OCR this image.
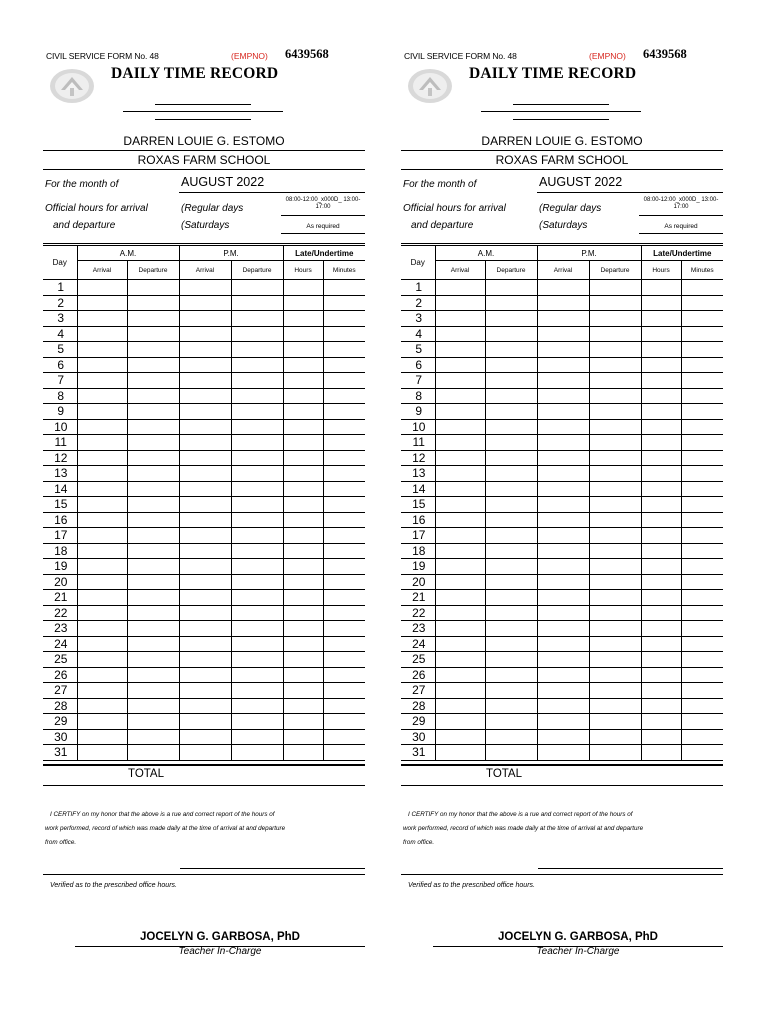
CIVIL SERVICE FORM No. 48	(EMPNO) 6439568
DAILY TIME RECORD
DARREN LOUIE G. ESTOMO
ROXAS FARM SCHOOL
For the month of	AUGUST 2022
Official hours for arrival
and departure
(Regular days
(Saturdays
08:00-12:00_x000D_ 13:00-17:00
As required
Day	A.M.		P.M.		Late/Undertime	
	Arrival	Departure	Arrival	Departure	Hours	Minutes
1						
2						
3						
4						
5						
6						
7						
8						
9						
10						
11						
12						
13						
14						
15						
16						
17						
18						
19						
20						
21						
22						
23						
24						
25						
26						
27						
28						
29						
30						
31						
TOTAL
I CERTIFY on my honor that the above is a rue and correct report of the hours of
work performed, record of which was made daily at the time of arrival at and departure
from office.
Verified as to the prescribed office hours.
JOCELYN G. GARBOSA, PhD
Teacher In-Charge
CIVIL SERVICE FORM No. 48	(EMPNO) 6439568
DAILY TIME RECORD
DARREN LOUIE G. ESTOMO
ROXAS FARM SCHOOL
For the month of	AUGUST 2022
Official hours for arrival
and departure
(Regular days
(Saturdays
08:00-12:00_x000D_ 13:00-17:00
As required
Day	A.M.		P.M.		Late/Undertime	
	Arrival	Departure	Arrival	Departure	Hours	Minutes
1						
2						
3						
4						
5						
6						
7						
8						
9						
10						
11						
12						
13						
14						
15						
16						
17						
18						
19						
20						
21						
22						
23						
24						
25						
26						
27						
28						
29						
30						
31						
TOTAL
I CERTIFY on my honor that the above is a rue and correct report of the hours of
work performed, record of which was made daily at the time of arrival at and departure
from office.
Verified as to the prescribed office hours.
JOCELYN G. GARBOSA, PhD
Teacher In-Charge
